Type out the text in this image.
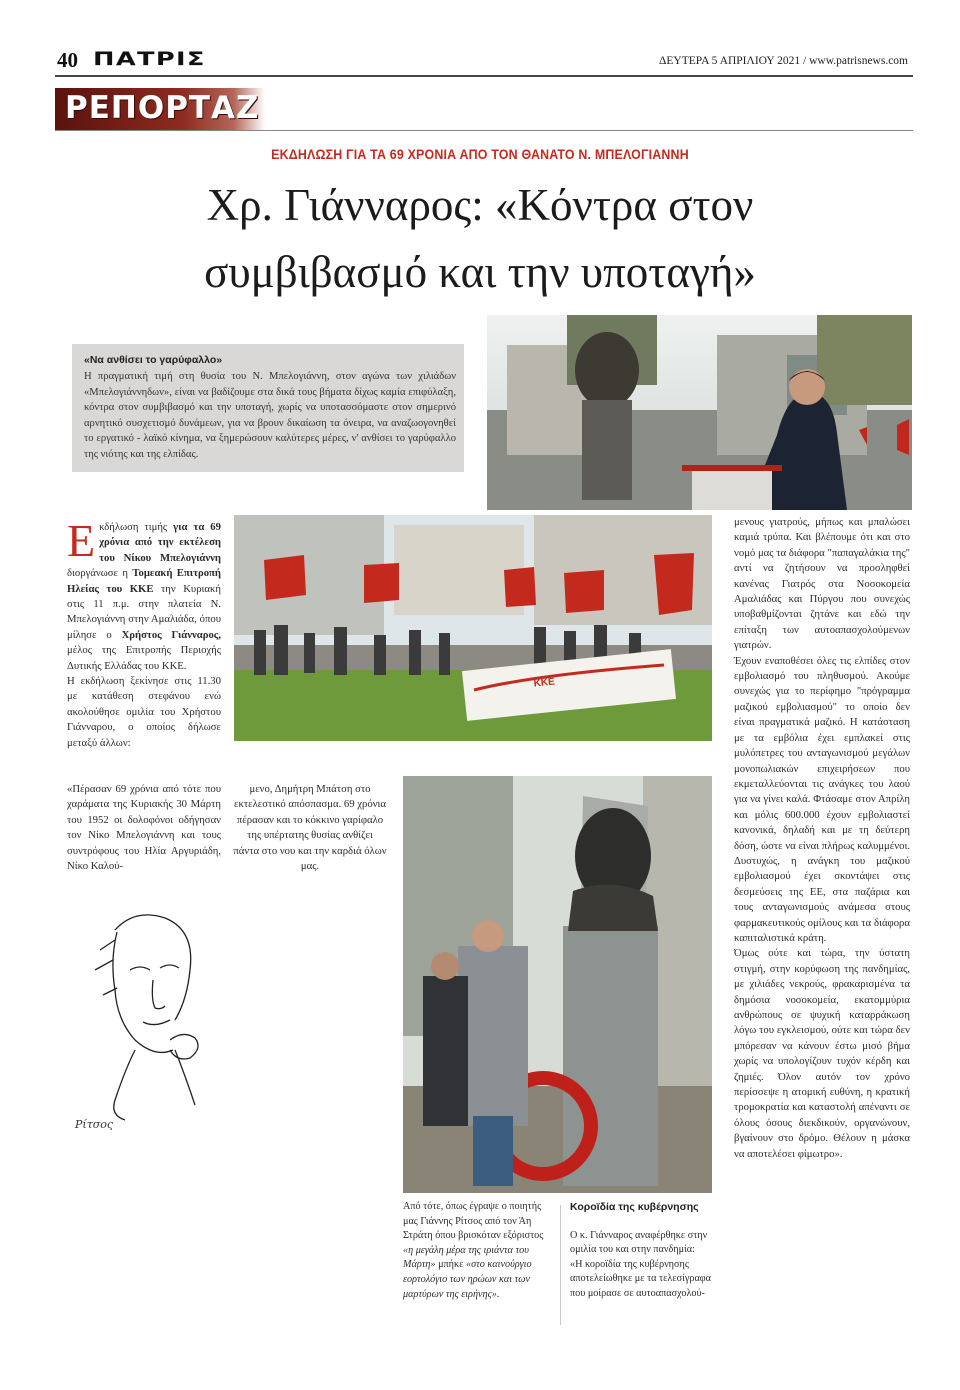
40 ΠΑΤΡΙΣ	ΔΕΥΤΕΡΑ 5 ΑΠΡΙΛΙΟΥ 2021 / www.patrisnews.com
ΡΕΠΟΡΤΑΖ
ΕΚΔΗΛΩΣΗ ΓΙΑ ΤΑ 69 ΧΡΟΝΙΑ ΑΠΟ ΤΟΝ ΘΑΝΑΤΟ Ν. ΜΠΕΛΟΓΙΑΝΝΗ
Χρ. Γιάνναρος: «Κόντρα στον
συμβιβασμό και την υποταγή»
«Να ανθίσει το γαρύφαλλο»
Η πραγματική τιμή στη θυσία του Ν. Μπελογιάννη, στον αγώνα των χιλιάδων «Μπελογιάννηδων», είναι να βαδίζουμε στα δικά τους βήματα δίχως καμία επιφύλαξη, κόντρα στον συμβιβασμό και την υποταγή, χωρίς να υποτασσόμαστε στον σημερινό αρνητικό συσχετισμό δυνάμεων, για να βρουν δικαίωση τα όνειρα, να αναζωογονηθεί το εργατικό - λαϊκό κίνημα, να ξημερώσουν καλύτερες μέρες, ν' ανθίσει το γαρύφαλλο της νιότης και της ελπίδας.
ΚΚΕ
Ρίτσος

Εκδήλωση τιμής για τα 69 χρόνια από την εκτέλεση του Νίκου Μπελογιάννη διοργάνωσε η Τομεακή Επιτροπή Ηλείας του ΚΚΕ την Κυριακή στις 11 π.μ. στην πλατεία Ν. Μπελογιάννη στην Αμαλιάδα, όπου μίλησε ο Χρήστος Γιάνναρος, μέλος της Επιτροπής Περιοχής Δυτικής Ελλάδας του ΚΚΕ.

Η εκδήλωση ξεκίνησε στις 11.30 με κατάθεση στεφάνου ενώ ακολούθησε ομιλία του Χρήστου Γιάνναρου, ο οποίος δήλωσε μεταξύ άλλων:

«Πέρασαν 69 χρόνια από τότε που χαράματα της Κυριακής 30 Μάρτη του 1952 οι δολοφόνοι οδήγησαν τον Νίκο Μπελογιάννη και τους συντρόφους του Ηλία Αργυριάδη, Νίκο Καλού-

μενο, Δημήτρη Μπάτση στο εκτελεστικό απόσπασμα. 69 χρόνια πέρασαν και το κόκκινο γαρίφαλο της υπέρτατης θυσίας ανθίζει πάντα στο νου και την καρδιά όλων μας.

μενους γιατρούς, μήπως και μπαλώσει καμιά τρύπα. Και βλέπουμε ότι και στο νομό μας τα διάφορα "παπαγαλάκια της" αντί να ζητήσουν να προσληφθεί κανένας Γιατρός στα Νοσοκομεία Αμαλιάδας και Πύργου που συνεχώς υποβαθμίζονται ζητάνε και εδώ την επίταξη των αυτοαπασχολούμενων γιατρών.

Έχουν εναποθέσει όλες τις ελπίδες στον εμβολιασμό του πληθυσμού. Ακούμε συνεχώς για το περίφημο "πρόγραμμα μαζικού εμβολιασμού" το οποίο δεν είναι πραγματικά μαζικό. Η κατάσταση με τα εμβόλια έχει εμπλακεί στις μυλόπετρες του ανταγωνισμού μεγάλων μονοπωλιακών επιχειρήσεων που εκμεταλλεύονται τις ανάγκες του λαού για να γίνει καλά. Φτάσαμε στον Απρίλη και μόλις 600.000 έχουν εμβολιαστεί κανονικά, δηλαδή και με τη δεύτερη δόση, ώστε να είναι πλήρως καλυμμένοι. Δυστυχώς, η ανάγκη του μαζικού εμβολιασμού έχει σκοντάψει στις δεσμεύσεις της ΕΕ, στα παζάρια και τους ανταγωνισμούς ανάμεσα στους φαρμακευτικούς ομίλους και τα διάφορα καπιταλιστικά κράτη.

Όμως ούτε και τώρα, την ύστατη στιγμή, στην κορύφωση της πανδημίας, με χιλιάδες νεκρούς, φρακαρισμένα τα δημόσια νοσοκομεία, εκατομμύρια ανθρώπους σε ψυχική καταρράκωση λόγω του εγκλεισμού, ούτε και τώρα δεν μπόρεσαν να κάνουν έστω μισό βήμα χωρίς να υπολογίζουν τυχόν κέρδη και ζημιές. Όλον αυτόν τον χρόνο περίσσεψε η ατομική ευθύνη, η κρατική τρομοκρατία και καταστολή απέναντι σε όλους όσους διεκδικούν, οργανώνουν, βγαίνουν στο δρόμο. Θέλουν η μάσκα να αποτελέσει φίμωτρο».

Από τότε, όπως έγραψε ο ποιητής μας Γιάννης Ρίτσος από τον Άη Στράτη όπου βρισκόταν εξόριστος «η μεγάλη μέρα της ιριάντα του Μάρτη» μπήκε «στο καινούργιο εορτολόγιο των ηρώων και των μαρτύρων της ειρήνης».
Κοροϊδία της κυβέρνησης
Ο κ. Γιάνναρος αναφέρθηκε στην ομιλία του και στην πανδημία:
«Η κοροϊδία της κυβέρνησης αποτελείωθηκε με τα τελεσίγραφα που μοίρασε σε αυτοαπασχολού-
